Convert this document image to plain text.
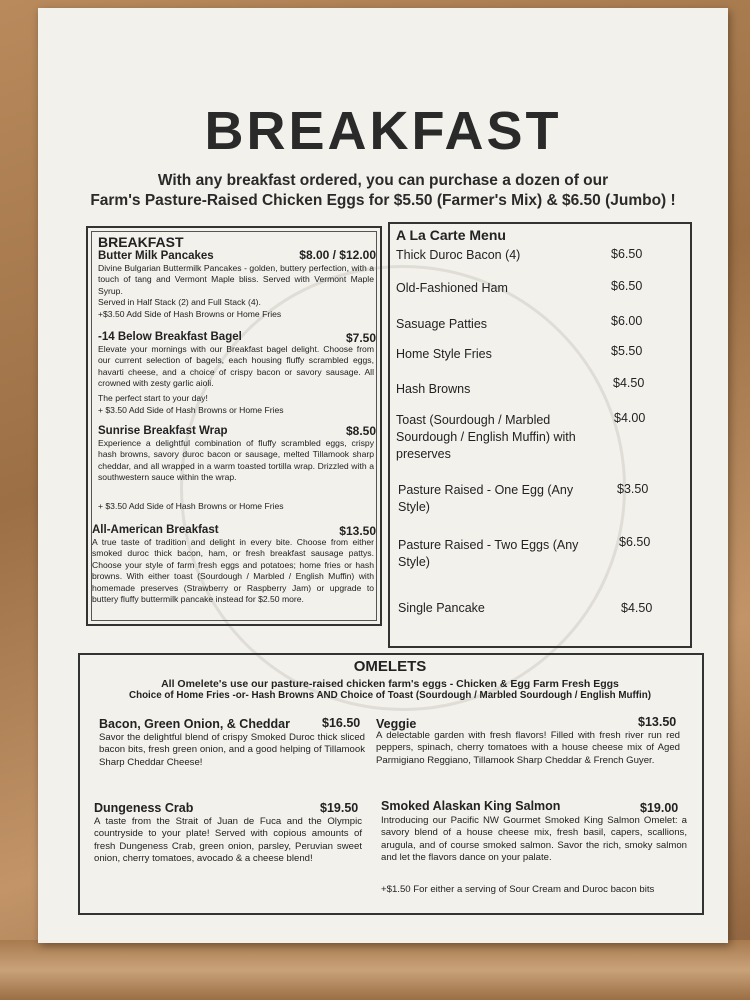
BREAKFAST
With any breakfast ordered, you can purchase a dozen of our
Farm's Pasture-Raised Chicken Eggs for $5.50 (Farmer's Mix) & $6.50 (Jumbo) !
BREAKFAST
Butter Milk Pancakes	$8.00 / $12.00
Divine Bulgarian Buttermilk Pancakes - golden, buttery perfection, with a touch of tang and Vermont Maple bliss. Served with Vermont Maple Syrup.
Served in Half Stack (2) and Full Stack (4).
+$3.50 Add Side of Hash Browns or Home Fries
-14 Below Breakfast Bagel	$7.50
Elevate your mornings with our Breakfast bagel delight. Choose from our current selection of bagels, each housing fluffy scrambled eggs, havarti cheese, and a choice of crispy bacon or savory sausage. All crowned with zesty garlic aioli.
The perfect start to your day!
+ $3.50 Add Side of Hash Browns or Home Fries
Sunrise Breakfast Wrap	$8.50
Experience a delightful combination of fluffy scrambled eggs, crispy hash browns, savory duroc bacon or sausage, melted Tillamook sharp cheddar, and all wrapped in a warm toasted tortilla wrap. Drizzled with a southwestern sauce within the wrap.
+ $3.50 Add Side of Hash Browns or Home Fries
All-American Breakfast	$13.50
A true taste of tradition and delight in every bite. Choose from either smoked duroc thick bacon, ham, or fresh breakfast sausage pattys. Choose your style of farm fresh eggs and potatoes; home fries or hash browns. With either toast (Sourdough / Marbled / English Muffin) with homemade preserves (Strawberry or Raspberry Jam) or upgrade to buttery fluffy buttermilk pancake instead for $2.50 more.
A La Carte Menu
Thick Duroc Bacon (4)	$6.50
Old-Fashioned Ham	$6.50
Sasuage Patties	$6.00
Home Style Fries	$5.50
Hash Browns	$4.50
Toast (Sourdough / Marbled Sourdough / English Muffin) with preserves
$4.00
Pasture Raised - One Egg (Any Style)
$3.50
Pasture Raised - Two Eggs (Any Style)
$6.50
Single Pancake	$4.50
OMELETS
All Omelete's use our pasture-raised chicken farm's eggs - Chicken & Egg Farm Fresh Eggs
Choice of Home Fries -or- Hash Browns AND Choice of Toast (Sourdough / Marbled Sourdough / English Muffin)
Bacon, Green Onion, & Cheddar	$16.50
Savor the delightful blend of crispy Smoked Duroc thick sliced bacon bits, fresh green onion, and a good helping of Tillamook Sharp Cheddar Cheese!
Veggie	$13.50
A delectable garden with fresh flavors! Filled with fresh river run red peppers, spinach, cherry tomatoes with a house cheese mix of Aged Parmigiano Reggiano, Tillamook Sharp Cheddar & French Guyer.
Dungeness Crab	$19.50
A taste from the Strait of Juan de Fuca and the Olympic countryside to your plate! Served with copious amounts of fresh Dungeness Crab, green onion, parsley, Peruvian sweet onion, cherry tomatoes, avocado & a cheese blend!
Smoked Alaskan King Salmon	$19.00
Introducing our Pacific NW Gourmet Smoked King Salmon Omelet: a savory blend of a house cheese mix, fresh basil, capers, scallions, arugula, and of course smoked salmon. Savor the rich, smoky salmon and let the flavors dance on your palate.
+$1.50 For either a serving of Sour Cream and Duroc bacon bits
